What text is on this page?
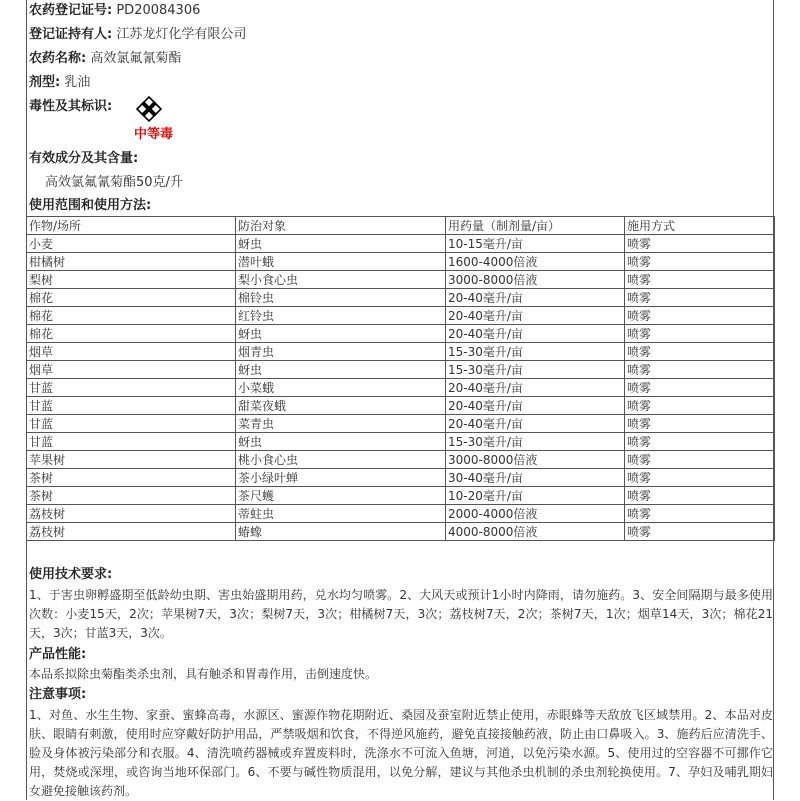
农药登记证号: PD20084306
登记证持有人: 江苏龙灯化学有限公司
农药名称: 高效氯氟氰菊酯
剂型: 乳油
毒性及其标识:
中等毒
有效成分及其含量:
高效氯氟氰菊酯50克/升
使用范围和使用方法:
作物/场所	防治对象	用药量（制剂量/亩）	施用方式
小麦	蚜虫	10-15毫升/亩	喷雾
柑橘树	潜叶蛾	1600-4000倍液	喷雾
梨树	梨小食心虫	3000-8000倍液	喷雾
棉花	棉铃虫	20-40毫升/亩	喷雾
棉花	红铃虫	20-40毫升/亩	喷雾
棉花	蚜虫	20-40毫升/亩	喷雾
烟草	烟青虫	15-30毫升/亩	喷雾
烟草	蚜虫	15-30毫升/亩	喷雾
甘蓝	小菜蛾	20-40毫升/亩	喷雾
甘蓝	甜菜夜蛾	20-40毫升/亩	喷雾
甘蓝	菜青虫	20-40毫升/亩	喷雾
甘蓝	蚜虫	15-30毫升/亩	喷雾
苹果树	桃小食心虫	3000-8000倍液	喷雾
茶树	茶小绿叶蝉	30-40毫升/亩	喷雾
茶树	茶尺蠖	10-20毫升/亩	喷雾
荔枝树	蒂蛀虫	2000-4000倍液	喷雾
荔枝树	蝽蟓	4000-8000倍液	喷雾
使用技术要求:
1、于害虫卵孵盛期至低龄幼虫期、害虫始盛期用药，兑水均匀喷雾。2、大风天或预计1小时内降雨，请勿施药。3、安全间隔期与最多使用次数：小麦15天，2次；苹果树7天，3次；梨树7天，3次；柑橘树7天，3次；荔枝树7天，2次；茶树7天，1次；烟草14天，3次；棉花21天，3次；甘蓝3天，3次。
产品性能:
本品系拟除虫菊酯类杀虫剂，具有触杀和胃毒作用，击倒速度快。
注意事项:
1、对鱼、水生生物、家蚕、蜜蜂高毒，水源区、蜜源作物花期附近、桑园及蚕室附近禁止使用，赤眼蜂等天敌放飞区域禁用。2、本品对皮肤、眼睛有刺激，使用时应穿戴好防护用品，严禁吸烟和饮食，不得逆风施药，避免直接接触药液，防止由口鼻吸入。3、施药后应清洗手、脸及身体被污染部分和衣服。4、清洗喷药器械或弃置废料时，洗涤水不可流入鱼塘，河道，以免污染水源。5、使用过的空容器不可挪作它用，焚烧或深埋，或咨询当地环保部门。6、不要与碱性物质混用，以免分解，建议与其他杀虫机制的杀虫剂轮换使用。7、孕妇及哺乳期妇女避免接触该药剂。
